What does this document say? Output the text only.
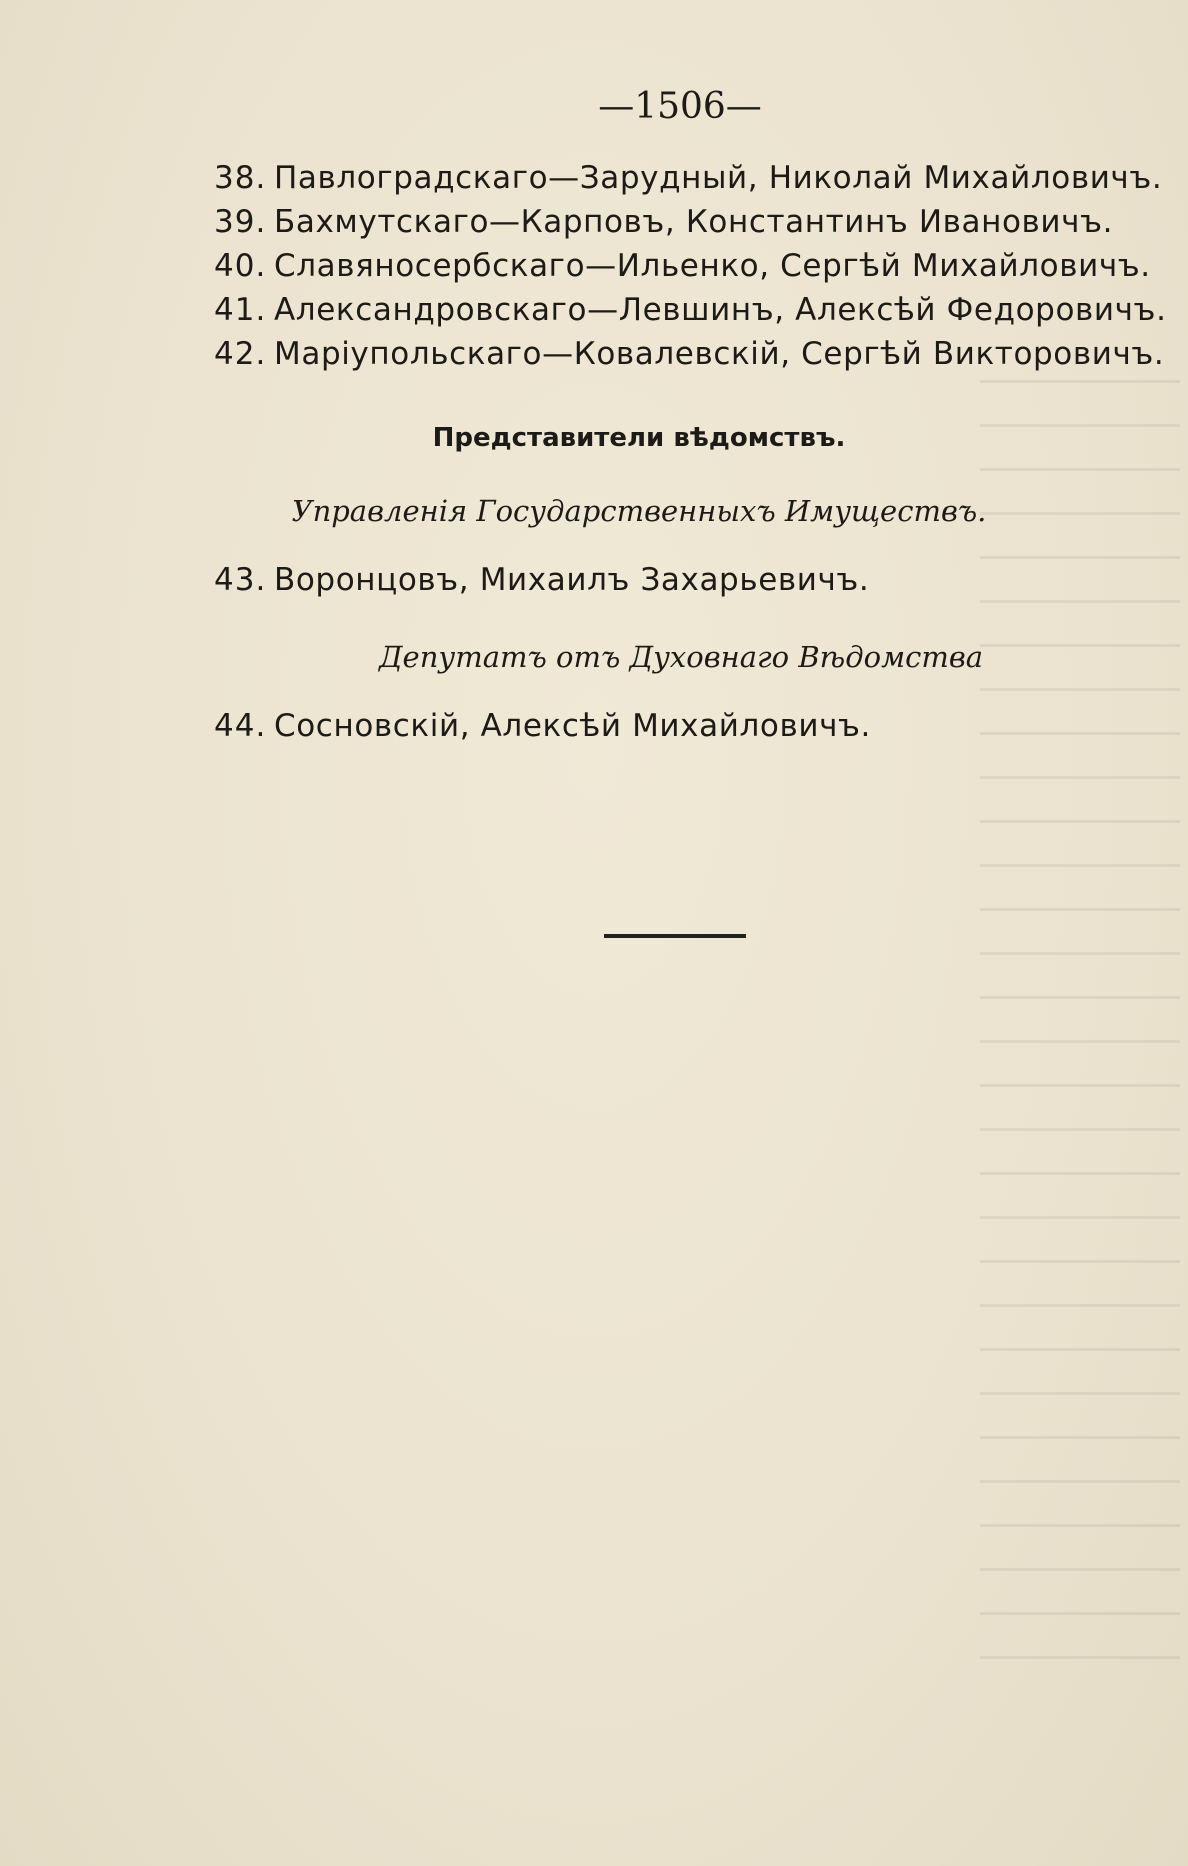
—1506—
38. Павлоградскаго—Зарудный, Николай Михайловичъ.
39. Бахмутскаго—Карповъ, Константинъ Ивановичъ.
40. Славяносербскаго—Ильенко, Сергѣй Михайловичъ.
41. Александровскаго—Левшинъ, Алексѣй Федоровичъ.
42. Маріупольскаго—Ковалевскій, Сергѣй Викторовичъ.
Представители вѣдомствъ.
Управленія Государственныхъ Имуществъ.
43. Воронцовъ, Михаилъ Захарьевичъ.
Депутатъ отъ Духовнаго Вѣдомства
44. Сосновскій, Алексѣй Михайловичъ.
